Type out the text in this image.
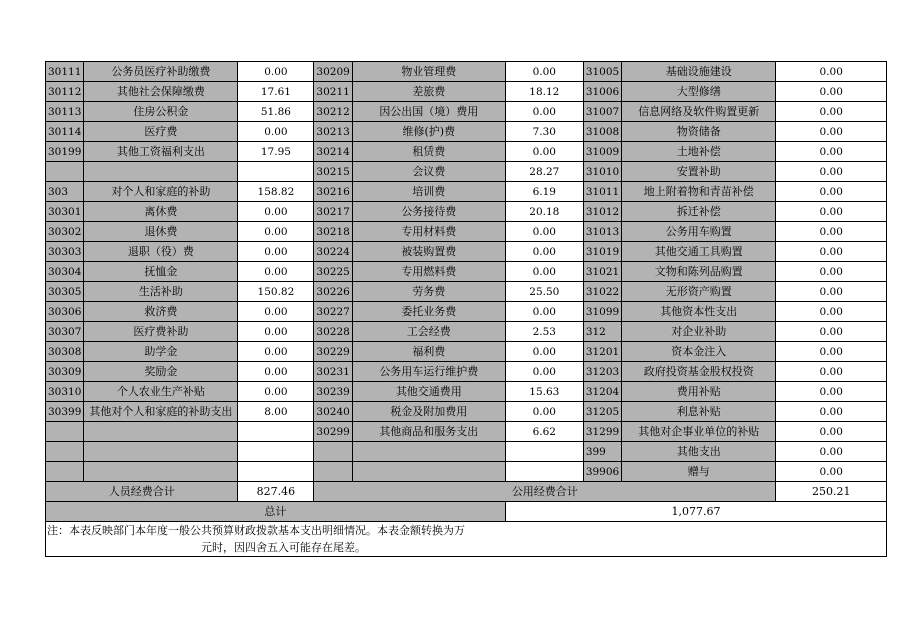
30111	公务员医疗补助缴费	0.00	30209	物业管理费	0.00	31005	基础设施建设	0.00
30112	其他社会保障缴费	17.61	30211	差旅费	18.12	31006	大型修缮	0.00
30113	住房公积金	51.86	30212	因公出国（境）费用	0.00	31007	信息网络及软件购置更新	0.00
30114	医疗费	0.00	30213	维修(护)费	7.30	31008	物资储备	0.00
30199	其他工资福利支出	17.95	30214	租赁费	0.00	31009	土地补偿	0.00
			30215	会议费	28.27	31010	安置补助	0.00
303	对个人和家庭的补助	158.82	30216	培训费	6.19	31011	地上附着物和青苗补偿	0.00
30301	离休费	0.00	30217	公务接待费	20.18	31012	拆迁补偿	0.00
30302	退休费	0.00	30218	专用材料费	0.00	31013	公务用车购置	0.00
30303	退职（役）费	0.00	30224	被装购置费	0.00	31019	其他交通工具购置	0.00
30304	抚恤金	0.00	30225	专用燃料费	0.00	31021	文物和陈列品购置	0.00
30305	生活补助	150.82	30226	劳务费	25.50	31022	无形资产购置	0.00
30306	救济费	0.00	30227	委托业务费	0.00	31099	其他资本性支出	0.00
30307	医疗费补助	0.00	30228	工会经费	2.53	312	对企业补助	0.00
30308	助学金	0.00	30229	福利费	0.00	31201	资本金注入	0.00
30309	奖励金	0.00	30231	公务用车运行维护费	0.00	31203	政府投资基金股权投资	0.00
30310	个人农业生产补贴	0.00	30239	其他交通费用	15.63	31204	费用补贴	0.00
30399	其他对个人和家庭的补助支出	8.00	30240	税金及附加费用	0.00	31205	利息补贴	0.00
			30299	其他商品和服务支出	6.62	31299	其他对企事业单位的补贴	0.00
						399	其他支出	0.00
						39906	赠与	0.00
人员经费合计		827.46	公用经费合计					250.21
总计					1,077.67			

注：本表反映部门本年度一般公共预算财政拨款基本支出明细情况。本表金额转换为万
元时，因四舍五入可能存在尾差。								
